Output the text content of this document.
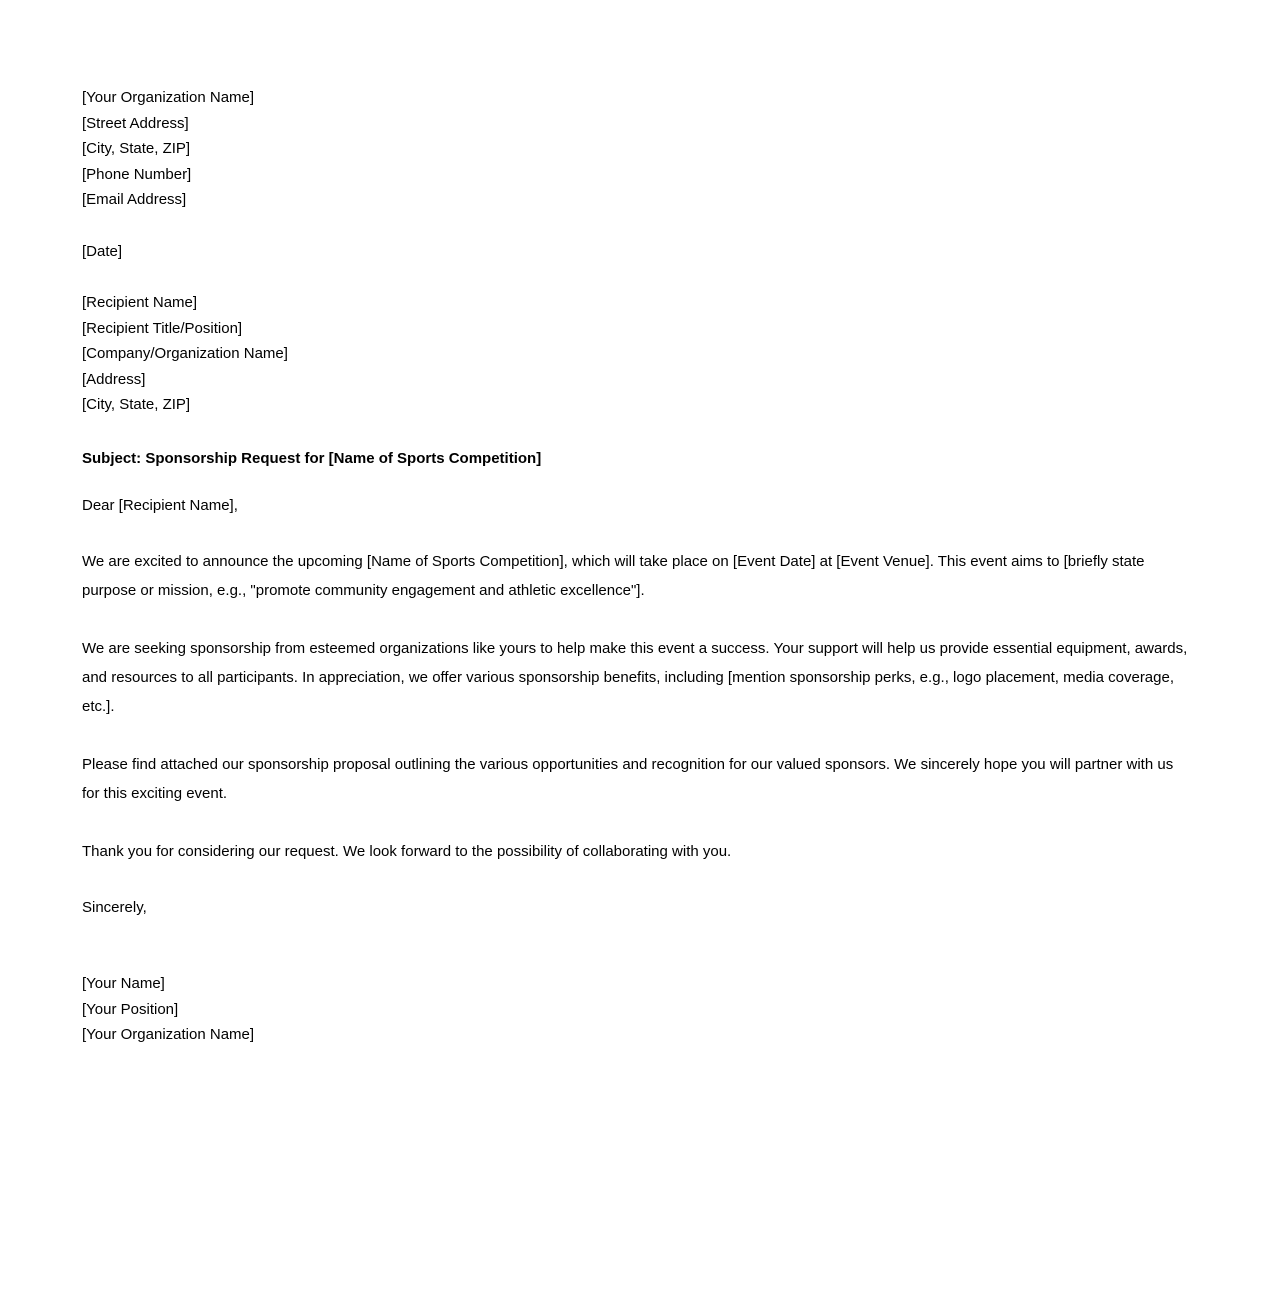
[Your Organization Name]
[Street Address]
[City, State, ZIP]
[Phone Number]
[Email Address]
[Date]
[Recipient Name]
[Recipient Title/Position]
[Company/Organization Name]
[Address]
[City, State, ZIP]
Subject: Sponsorship Request for [Name of Sports Competition]
Dear [Recipient Name],

We are excited to announce the upcoming [Name of Sports Competition], which will take place on [Event Date] at [Event Venue]. This event aims to [briefly state purpose or mission, e.g., "promote community engagement and athletic excellence"].

We are seeking sponsorship from esteemed organizations like yours to help make this event a success. Your support will help us provide essential equipment, awards, and resources to all participants. In appreciation, we offer various sponsorship benefits, including [mention sponsorship perks, e.g., logo placement, media coverage, etc.].

Please find attached our sponsorship proposal outlining the various opportunities and recognition for our valued sponsors. We sincerely hope you will partner with us for this exciting event.

Thank you for considering our request. We look forward to the possibility of collaborating with you.

Sincerely,
[Your Name]
[Your Position]
[Your Organization Name]
